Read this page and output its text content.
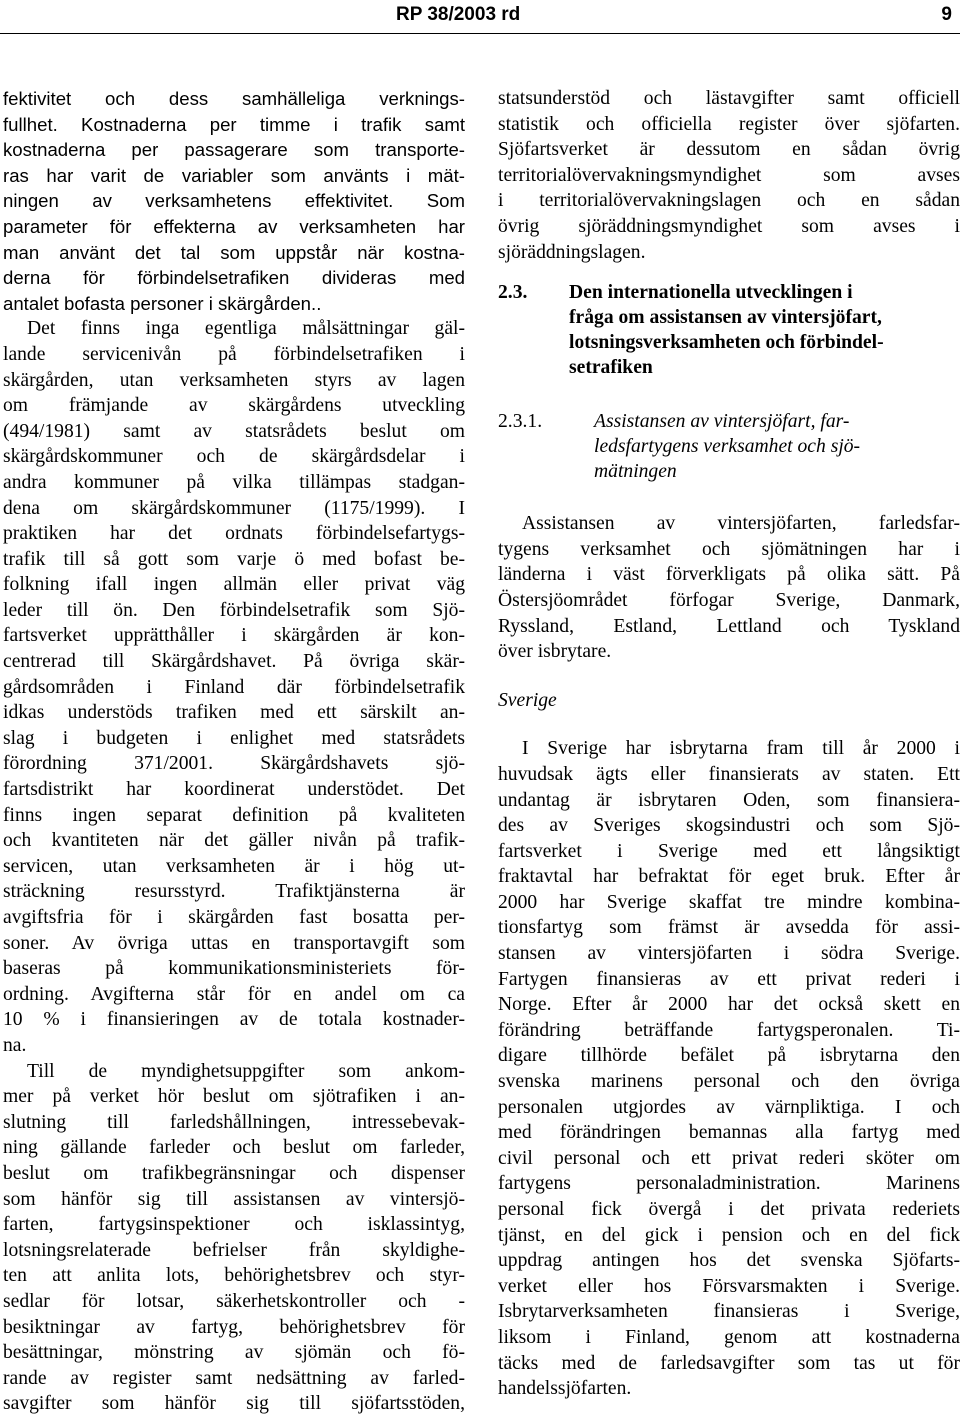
RP 38/2003 rd	9
fektivitet och dess samhälleliga verknings-
fullhet. Kostnaderna per timme i trafik samt
kostnaderna per passagerare som transporte-
ras har varit de variabler som använts i mät-
ningen av verksamhetens effektivitet. Som
parameter för effekterna av verksamheten har
man använt det tal som uppstår när kostna-
derna för förbindelsetrafiken divideras med
antalet bofasta personer i skärgården..
Det finns inga egentliga målsättningar gäl-
lande servicenivån på förbindelsetrafiken i
skärgården, utan verksamheten styrs av lagen
om främjande av skärgårdens utveckling
(494/1981) samt av statsrådets beslut om
skärgårdskommuner och de skärgårdsdelar i
andra kommuner på vilka tillämpas stadgan-
dena om skärgårdskommuner (1175/1999). I
praktiken har det ordnats förbindelsefartygs-
trafik till så gott som varje ö med bofast be-
folkning ifall ingen allmän eller privat väg
leder till ön. Den förbindelsetrafik som Sjö-
fartsverket upprätthåller i skärgården är kon-
centrerad till Skärgårdshavet. På övriga skär-
gårdsområden i Finland där förbindelsetrafik
idkas understöds trafiken med ett särskilt an-
slag i budgeten i enlighet med statsrådets
förordning 371/2001. Skärgårdshavets sjö-
fartsdistrikt har koordinerat understödet. Det
finns ingen separat definition på kvaliteten
och kvantiteten när det gäller nivån på trafik-
servicen, utan verksamheten är i hög ut-
sträckning resursstyrd. Trafiktjänsterna är
avgiftsfria för i skärgården fast bosatta per-
soner. Av övriga uttas en transportavgift som
baseras på kommunikationsministeriets för-
ordning. Avgifterna står för en andel om ca
10 % i finansieringen av de totala kostnader-
na.
Till de myndighetsuppgifter som ankom-
mer på verket hör beslut om sjötrafiken i an-
slutning till farledshållningen, intressebevak-
ning gällande farleder och beslut om farleder,
beslut om trafikbegränsningar och dispenser
som hänför sig till assistansen av vintersjö-
farten, fartygsinspektioner och isklassintyg,
lotsningsrelaterade befrielser från skyldighe-
ten att anlita lots, behörighetsbrev och styr-
sedlar för lotsar, säkerhetskontroller och -
besiktningar av fartyg, behörighetsbrev för
besättningar, mönstring av sjömän och fö-
rande av register samt nedsättning av farled-
savgifter som hänför sig till sjöfartsstöden,
statsunderstöd och lästavgifter samt officiell
statistik och officiella register över sjöfarten.
Sjöfartsverket är dessutom en sådan övrig
territorialövervakningsmyndighet som avses
i territorialövervakningslagen och en sådan
övrig sjöräddningsmyndighet som avses i
sjöräddningslagen.
2.3. Den internationella utvecklingen i
fråga om assistansen av vintersjöfart,
lotsningsverksamheten och förbindel-
setrafiken
2.3.1.	Assistansen av vintersjöfart, far-
ledsfartygens verksamhet och sjö-
mätningen
Assistansen av vintersjöfarten, farledsfar-
tygens verksamhet och sjömätningen har i
länderna i väst förverkligats på olika sätt. På
Östersjöområdet förfogar Sverige, Danmark,
Ryssland, Estland, Lettland och Tyskland
över isbrytare.
Sverige
I Sverige har isbrytarna fram till år 2000 i
huvudsak ägts eller finansierats av staten. Ett
undantag är isbrytaren Oden, som finansiera-
des av Sveriges skogsindustri och som Sjö-
fartsverket i Sverige med ett långsiktigt
fraktavtal har befraktat för eget bruk. Efter år
2000 har Sverige skaffat tre mindre kombina-
tionsfartyg som främst är avsedda för assi-
stansen av vintersjöfarten i södra Sverige.
Fartygen finansieras av ett privat rederi i
Norge. Efter år 2000 har det också skett en
förändring beträffande fartygsperonalen. Ti-
digare tillhörde befälet på isbrytarna den
svenska marinens personal och den övriga
personalen utgjordes av värnpliktiga. I och
med förändringen bemannas alla fartyg med
civil personal och ett privat rederi sköter om
fartygens personaladministration. Marinens
personal fick övergå i det privata rederiets
tjänst, en del gick i pension och en del fick
uppdrag antingen hos det svenska Sjöfarts-
verket eller hos Försvarsmakten i Sverige.
Isbrytarverksamheten finansieras i Sverige,
liksom i Finland, genom att kostnaderna
täcks med de farledsavgifter som tas ut för
handelssjöfarten.
